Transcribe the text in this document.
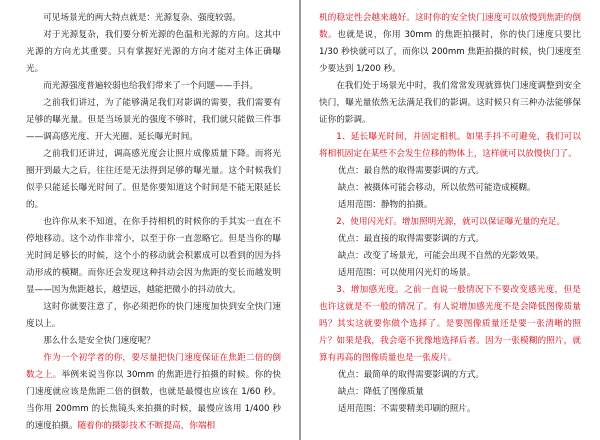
可见场景光的两大特点就是：光源复杂、强度较弱。

对于光源复杂，我们要分析光源的色温和光源的方向。这其中光源的方向尤其重要。只有掌握好光源的方向才能对主体正确曝光。

而光源强度普遍较弱也给我们带来了一个问题——手抖。

之前我们讲过，为了能够满足我们对影调的需要，我们需要有足够的曝光量。但是当场景光的强度不够时，我们就只能做三件事——调高感光度、开大光圈、延长曝光时间。

之前我们还讲过，调高感光度会让照片成像质量下降。而将光圈开到最大之后，往往还是无法得到足够的曝光量。这个时候我们似乎只能延长曝光时间了。但是你要知道这个时间是不能无限延长的。

也许你从来不知道，在你手持相机的时候你的手其实一直在不停地移动。这个动作非常小，以至于你一直忽略它。但是当你的曝光时间足够长的时候，这个小的移动就会积累成可以看到的因为抖动形成的模糊。而你还会发现这种抖动会因为焦距的变长而越发明显——因为焦距越长，越望远，越能把微小的抖动放大。

这时你就要注意了，你必须把你的快门速度加快到安全快门速度以上。

那么什么是安全快门速度呢？

作为一个初学者的你，要尽量把快门速度保证在焦距二倍的倒数之上。举例来说当你以 30mm 的焦距进行拍摄的时候。你的快门速度就应该是焦距二倍的倒数，也就是最慢也应该在 1/60 秒。当你用 200mm 的长焦镜头来拍摄的时候，最慢应该用 1/400 秒的速度拍摄。随着你的摄影技术不断提高，你端相

机的稳定性会越来越好。这时你的安全快门速度可以放慢到焦距的倒数。也就是说，你用 30mm 的焦距拍摄时，你的快门速度只要比 1/30 秒快就可以了，而你以 200mm 焦距拍摄的时候，快门速度至少要达到 1/200 秒。

在我们处于场景光中时，我们常常发现就算快门速度调整到安全快门，曝光量依然无法满足我们的影调。这时候只有三种办法能够保证你的影调。

1、延长曝光时间，并固定相机。如果手抖不可避免，我们可以将相机固定在某些不会发生位移的物体上，这样就可以放慢快门了。

优点：最自然的取得需要影调的方式。

缺点：被摄体可能会移动，所以依然可能造成模糊。

适用范围：静物的拍摄。

2、使用闪光灯。增加照明光源，就可以保证曝光量的充足。

优点：最直接的取得需要影调的方式。

缺点：改变了场景光，可能会出现不自然的光影效果。

适用范围：可以使用闪光灯的场景。

3、增加感光度。之前一直说一般情况下不要改变感光度，但是也许这就是不一般的情况了。有人说增加感光度不是会降低图像质量吗？其实这就要你做个选择了。是要图像质量还是要一张清晰的照片？如果是我，我会毫不犹豫地选择后者。因为一张模糊的照片，就算有再高的图像质量也是一张废片。

优点：最简单的取得需要影调的方式。

缺点：降低了图像质量

适用范围：不需要精美印刷的照片。
